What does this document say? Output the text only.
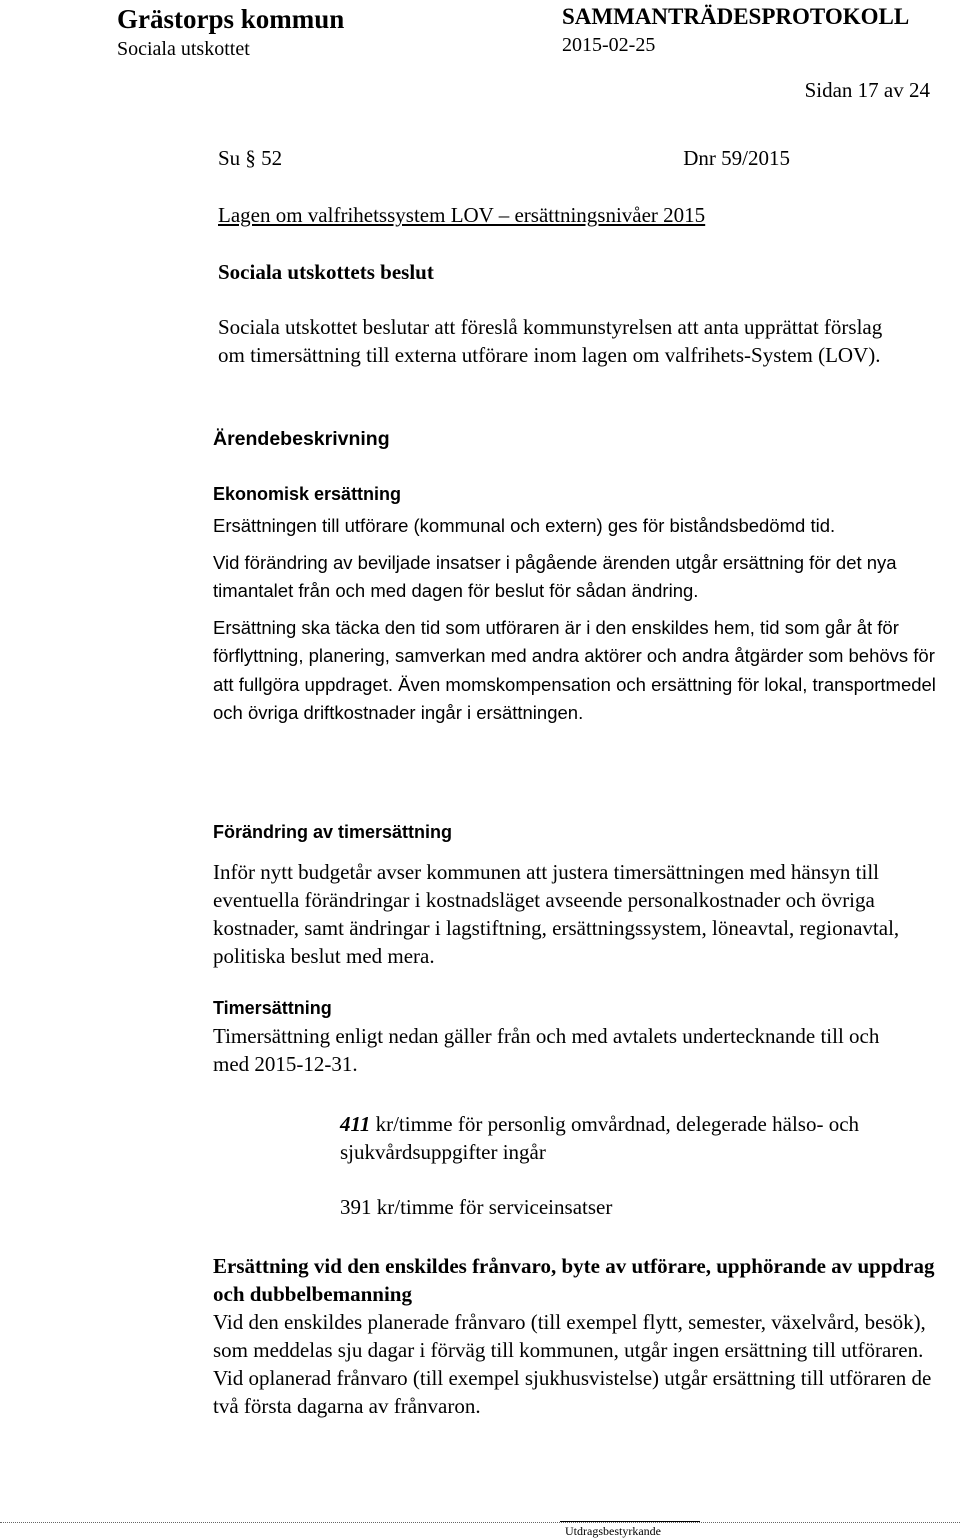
Grästorps kommun
Sociala utskottet
SAMMANTRÄDESPROTOKOLL
2015-02-25
Sidan 17 av 24
Su § 52	Dnr 59/2015
Lagen om valfrihetssystem LOV – ersättningsnivåer 2015
Sociala utskottets beslut
Sociala utskottet beslutar att föreslå kommunstyrelsen att anta upprättat förslag om timersättning till externa utförare inom lagen om valfrihets-System (LOV).
Ärendebeskrivning
Ekonomisk ersättning

Ersättningen till utförare (kommunal och extern) ges för biståndsbedömd tid.

Vid förändring av beviljade insatser i pågående ärenden utgår ersättning för det nya timantalet från och med dagen för beslut för sådan ändring.

Ersättning ska täcka den tid som utföraren är i den enskildes hem, tid som går åt för förflyttning, planering, samverkan med andra aktörer och andra åtgärder som behövs för att fullgöra uppdraget. Även momskompensation och ersättning för lokal, transportmedel och övriga driftkostnader ingår i ersättningen.

Förändring av timersättning
Inför nytt budgetår avser kommunen att justera timersättningen med hänsyn till eventuella förändringar i kostnadsläget avseende personalkostnader och övriga kostnader, samt ändringar i lagstiftning, ersättningssystem, löneavtal, regionavtal, politiska beslut med mera.
Timersättning
Timersättning enligt nedan gäller från och med avtalets undertecknande till och med 2015-12-31.
411 kr/timme för personlig omvårdnad, delegerade hälso- och sjukvårdsuppgifter ingår
391 kr/timme för serviceinsatser
Ersättning vid den enskildes frånvaro, byte av utförare, upphörande av uppdrag och dubbelbemanning
Vid den enskildes planerade frånvaro (till exempel flytt, semester, växelvård, besök), som meddelas sju dagar i förväg till kommunen, utgår ingen ersättning till utföraren. Vid oplanerad frånvaro (till exempel sjukhusvistelse) utgår ersättning till utföraren de två första dagarna av frånvaron.
Utdragsbestyrkande
